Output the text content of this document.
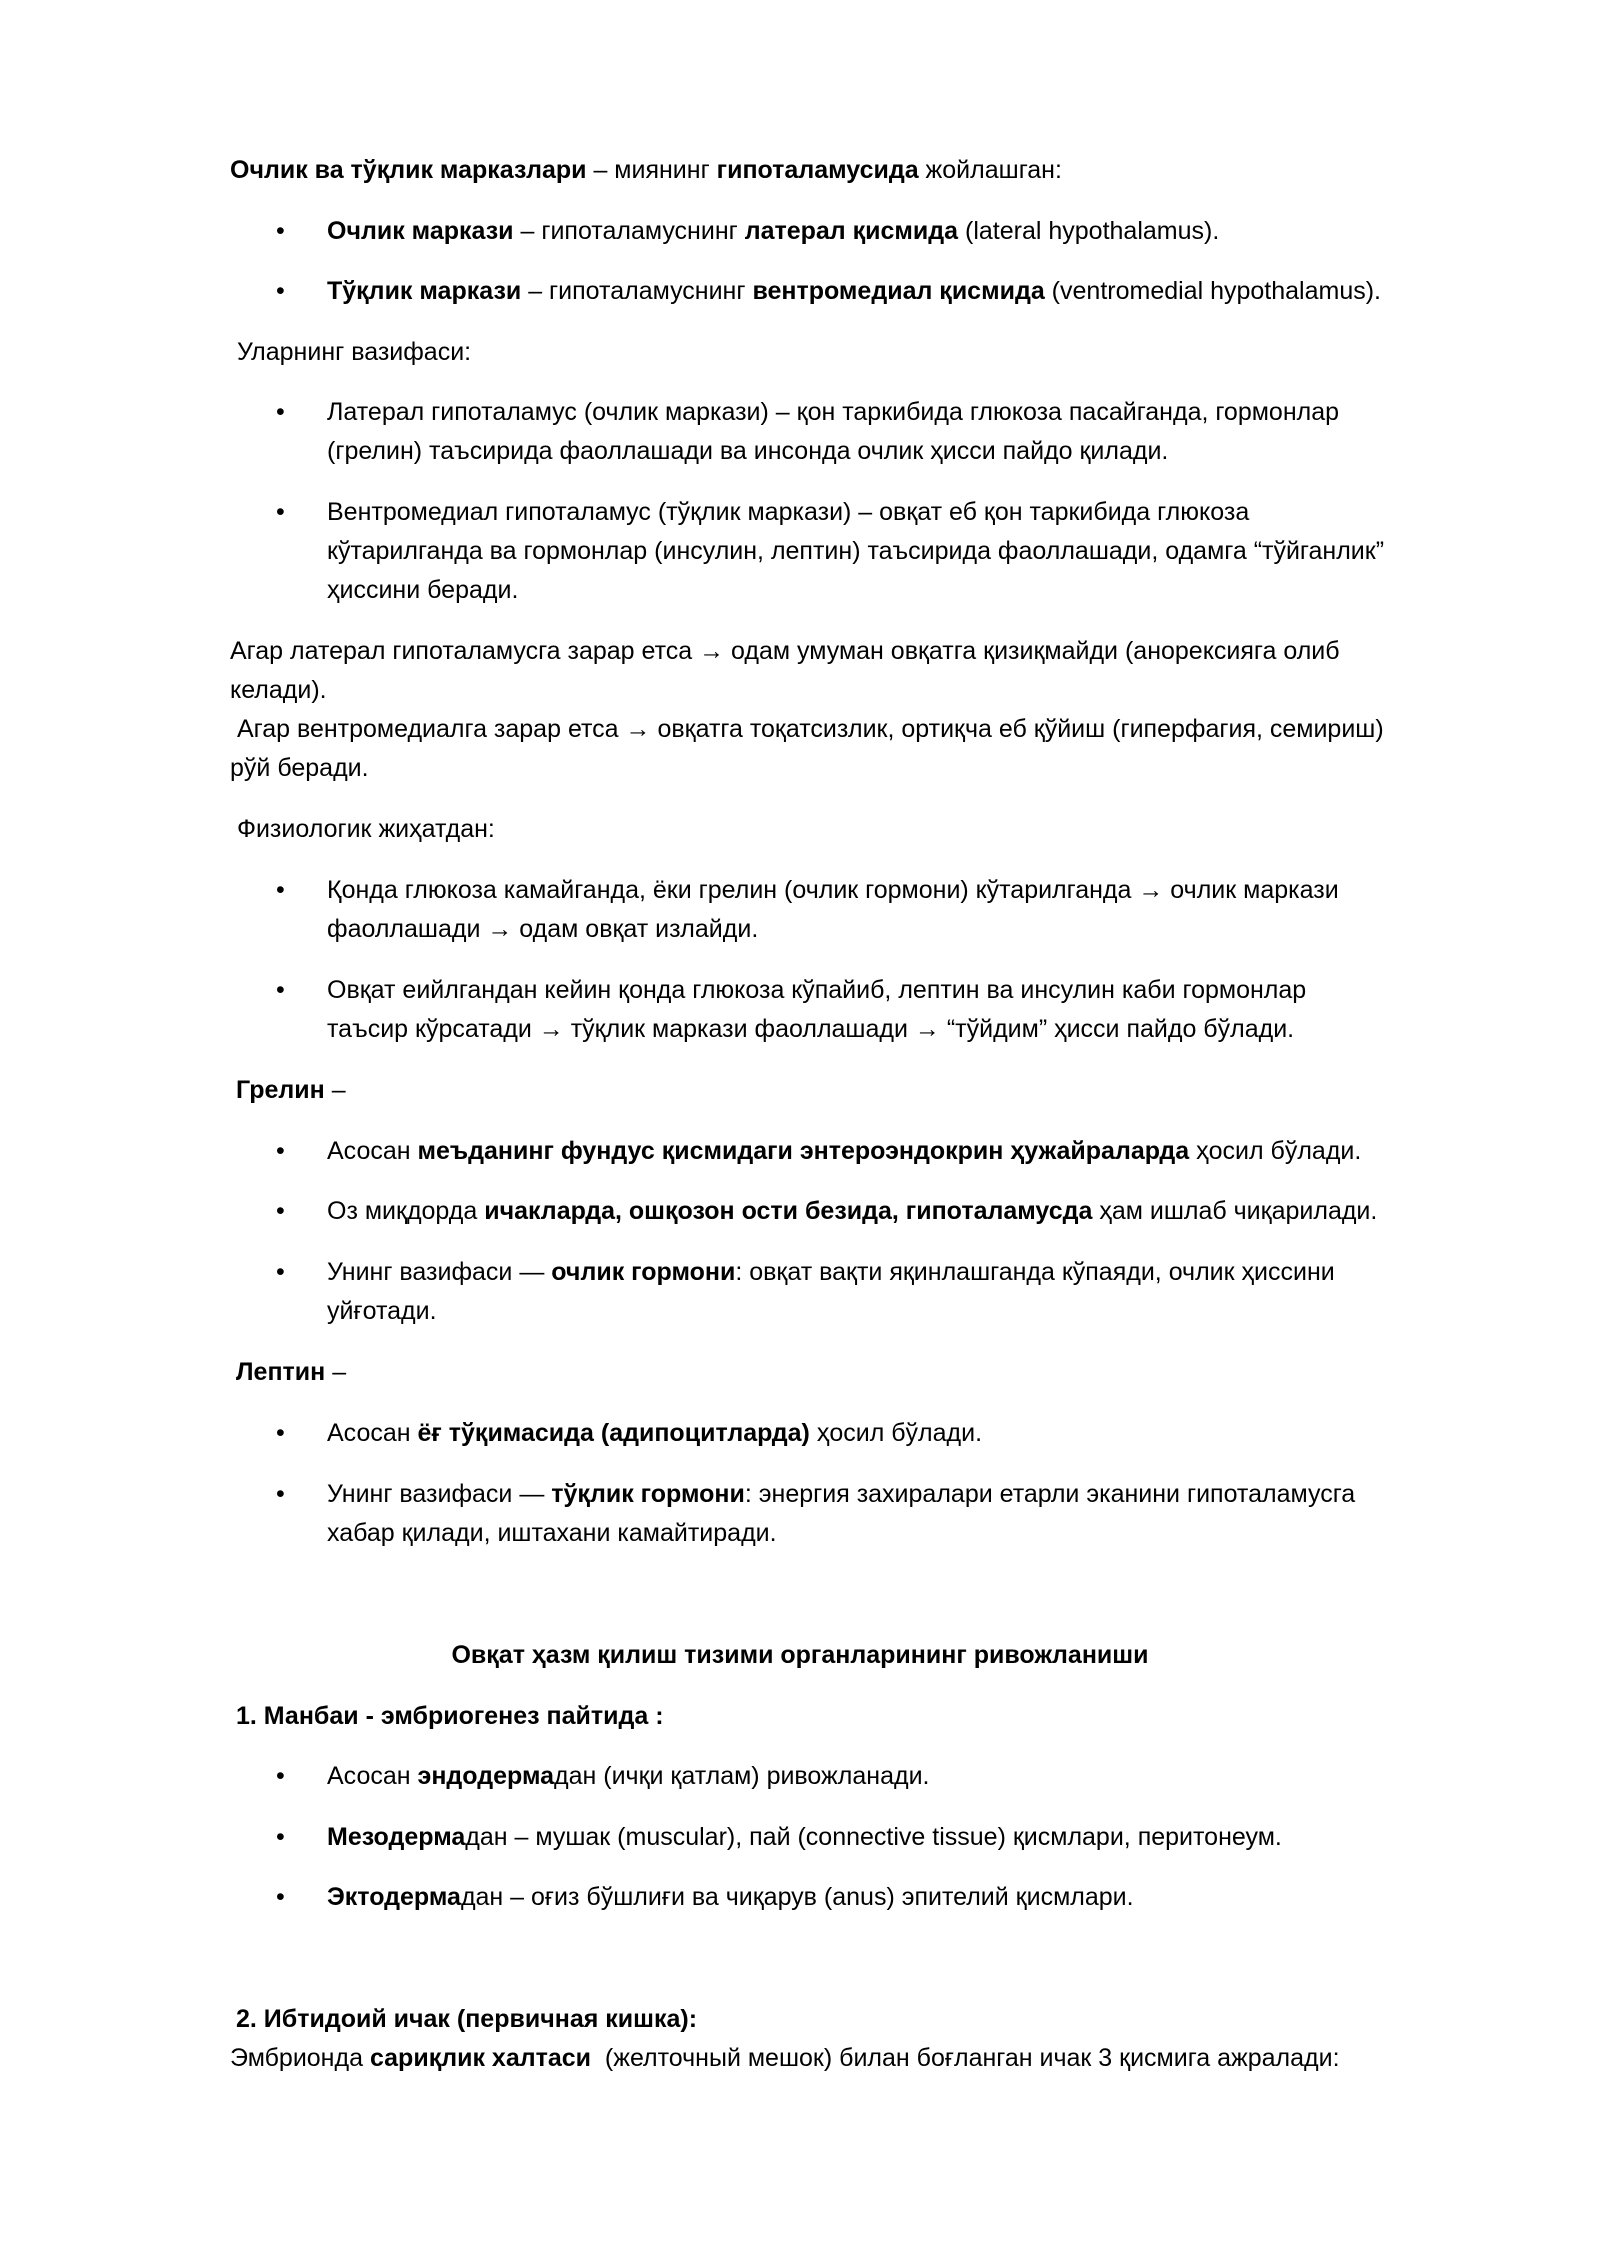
Очлик ва тўқлик марказлари – миянинг гипоталамусида жойлашган:
•	Очлик маркази – гипоталамуснинг латерал қисмида (lateral hypothalamus).
•	Тўқлик маркази – гипоталамуснинг вентромедиал қисмида (ventromedial hypothalamus).
Уларнинг вазифаси:
•	Латерал гипоталамус (очлик маркази) – қон таркибида глюкоза пасайганда, гормонлар
(грелин) таъсирида фаоллашади ва инсонда очлик ҳисси пайдо қилади.
•	Вентромедиал гипоталамус (тўқлик маркази) – овқат еб қон таркибида глюкоза
кўтарилганда ва гормонлар (инсулин, лептин) таъсирида фаоллашади, одамга “тўйганлик”
ҳиссини беради.
Агар латерал гипоталамусга зарар етса → одам умуман овқатга қизиқмайди (анорексияга олиб
келади).
Агар вентромедиалга зарар етса → овқатга тоқатсизлик, ортиқча еб қўйиш (гиперфагия, семириш)
рўй беради.
Физиологик жиҳатдан:
•	Қонда глюкоза камайганда, ёки грелин (очлик гормони) кўтарилганда → очлик маркази
фаоллашади → одам овқат излайди.
•	Овқат еийлгандан кейин қонда глюкоза кўпайиб, лептин ва инсулин каби гормонлар
таъсир кўрсатади → тўқлик маркази фаоллашади → “тўйдим” ҳисси пайдо бўлади.
Грелин –
•	Асосан меъданинг фундус қисмидаги энтероэндокрин ҳужайраларда ҳосил бўлади.
•	Оз миқдорда ичакларда, ошқозон ости безида, гипоталамусда ҳам ишлаб чиқарилади.
•	Унинг вазифаси — очлик гормони: овқат вақти яқинлашганда кўпаяди, очлик ҳиссини
уйғотади.
Лептин –
•	Асосан ёғ тўқимасида (адипоцитларда) ҳосил бўлади.
•	Унинг вазифаси — тўқлик гормони: энергия захиралари етарли эканини гипоталамусга
хабар қилади, иштахани камайтиради.
Овқат ҳазм қилиш тизими органларининг ривожланиши
1. Манбаи - эмбриогенез пайтида :
•	Асосан эндодермадан (ичқи қатлам) ривожланади.
•	Мезодермадан – мушак (muscular), пай (connective tissue) қисмлари, перитонеум.
•	Эктодермадан – оғиз бўшлиғи ва чиқарув (anus) эпителий қисмлари.
2. Ибтидоий ичак (первичная кишка):
Эмбрионда сариқлик халтаси  (желточный мешок) билан боғланган ичак 3 қисмига ажралади:
